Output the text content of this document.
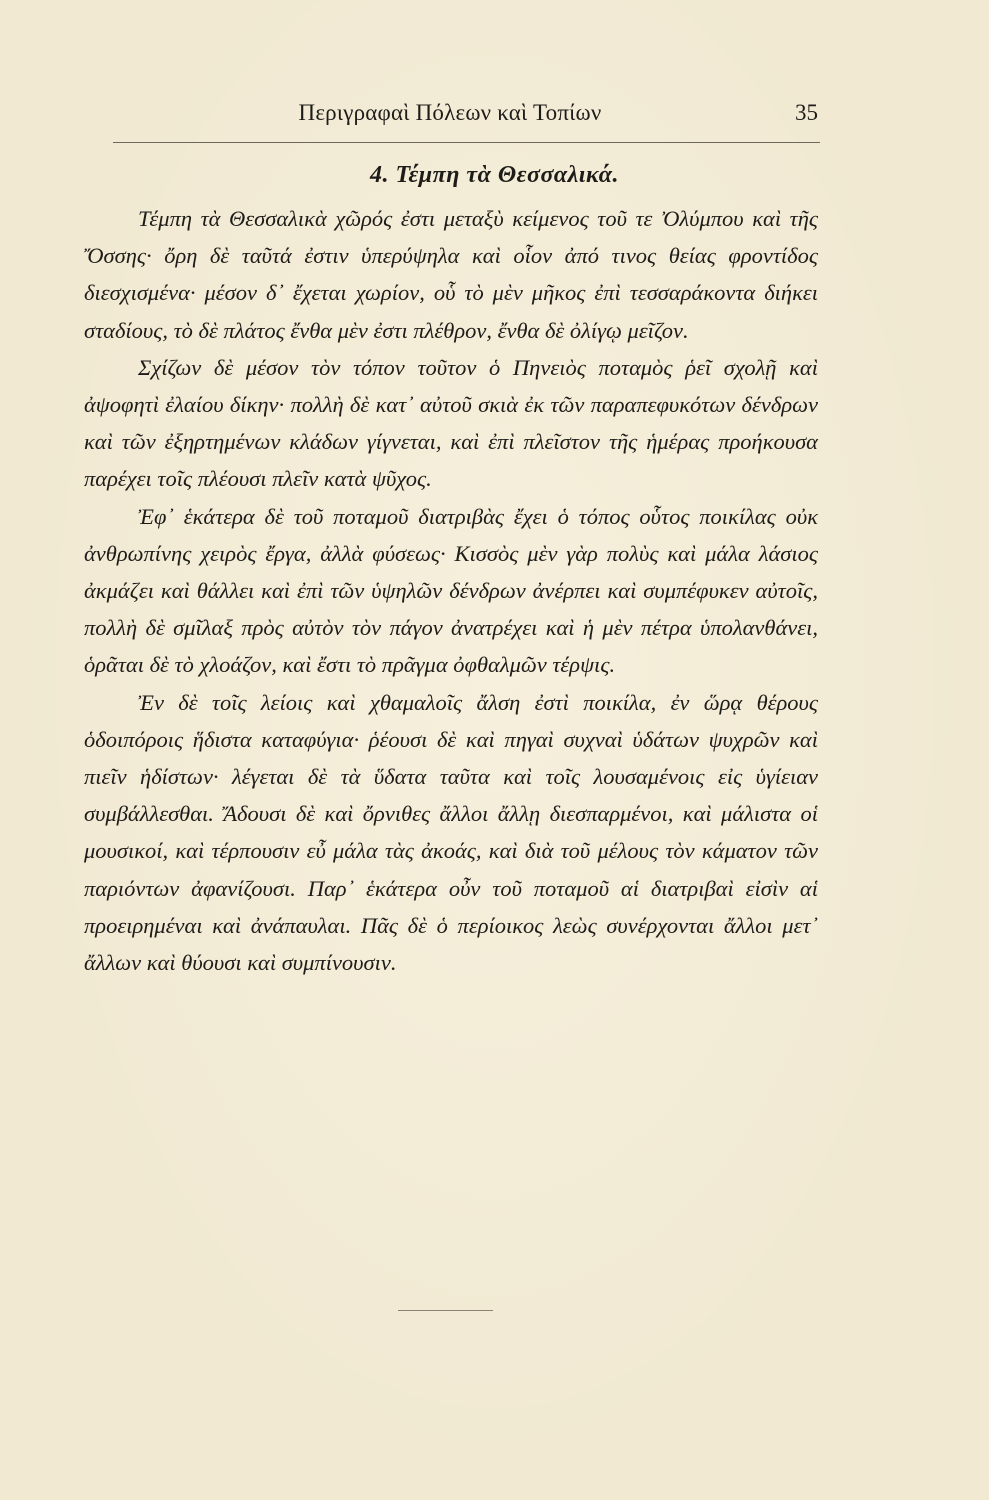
Περιγραφαὶ Πόλεων καὶ Τοπίων	35
4. Τέμπη τὰ Θεσσαλικά.

Τέμπη τὰ Θεσσαλικὰ χῶρός ἐστι μεταξὺ κείμενος τοῦ τε Ὀλύμπου καὶ τῆς Ὄσσης· ὄρη δὲ ταῦτά ἐστιν ὑπερύψηλα καὶ οἷον ἀπό τινος θείας φροντίδος διεσχισμένα· μέσον δ᾽ ἔχεται χωρίον, οὗ τὸ μὲν μῆκος ἐπὶ τεσσαράκοντα διήκει σταδίους, τὸ δὲ πλάτος ἔνθα μὲν ἐστι πλέθρον, ἔνθα δὲ ὀλίγῳ μεῖζον.

Σχίζων δὲ μέσον τὸν τόπον τοῦτον ὁ Πηνειὸς ποταμὸς ῥεῖ σχολῇ καὶ ἀψοφητὶ ἐλαίου δίκην· πολλὴ δὲ κατ᾽ αὐτοῦ σκιὰ ἐκ τῶν παραπεφυκότων δένδρων καὶ τῶν ἐξηρτημένων κλάδων γίγνεται, καὶ ἐπὶ πλεῖστον τῆς ἡμέρας προήκουσα παρέχει τοῖς πλέουσι πλεῖν κατὰ ψῦχος.

Ἐφ᾽ ἑκάτερα δὲ τοῦ ποταμοῦ διατριβὰς ἔχει ὁ τόπος οὗτος ποικίλας οὐκ ἀνθρωπίνης χειρὸς ἔργα, ἀλλὰ φύσεως· Κισσὸς μὲν γὰρ πολὺς καὶ μάλα λάσιος ἀκμάζει καὶ θάλλει καὶ ἐπὶ τῶν ὑψηλῶν δένδρων ἀνέρπει καὶ συμπέφυκεν αὐτοῖς, πολλὴ δὲ σμῖλαξ πρὸς αὐτὸν τὸν πάγον ἀνατρέχει καὶ ἡ μὲν πέτρα ὑπολανθάνει, ὁρᾶται δὲ τὸ χλοάζον, καὶ ἔστι τὸ πρᾶγμα ὀφθαλμῶν τέρψις.

Ἐν δὲ τοῖς λείοις καὶ χθαμαλοῖς ἄλση ἐστὶ ποικίλα, ἐν ὥρᾳ θέρους ὁδοιπόροις ἥδιστα καταφύγια· ῥέουσι δὲ καὶ πηγαὶ συχναὶ ὑδάτων ψυχρῶν καὶ πιεῖν ἡδίστων· λέγεται δὲ τὰ ὕδατα ταῦτα καὶ τοῖς λουσαμένοις εἰς ὑγίειαν συμβάλλεσθαι. Ἄδουσι δὲ καὶ ὄρνιθες ἄλλοι ἄλλῃ διεσπαρμένοι, καὶ μάλιστα οἱ μουσικοί, καὶ τέρπουσιν εὖ μάλα τὰς ἀκοάς, καὶ διὰ τοῦ μέλους τὸν κάματον τῶν παριόντων ἀφανίζουσι. Παρ᾽ ἑκάτερα οὖν τοῦ ποταμοῦ αἱ διατριβαὶ εἰσὶν αἱ προειρημέναι καὶ ἀνάπαυλαι. Πᾶς δὲ ὁ περίοικος λεὼς συνέρχονται ἄλλοι μετ᾽ ἄλλων καὶ θύουσι καὶ συμπίνουσιν.
